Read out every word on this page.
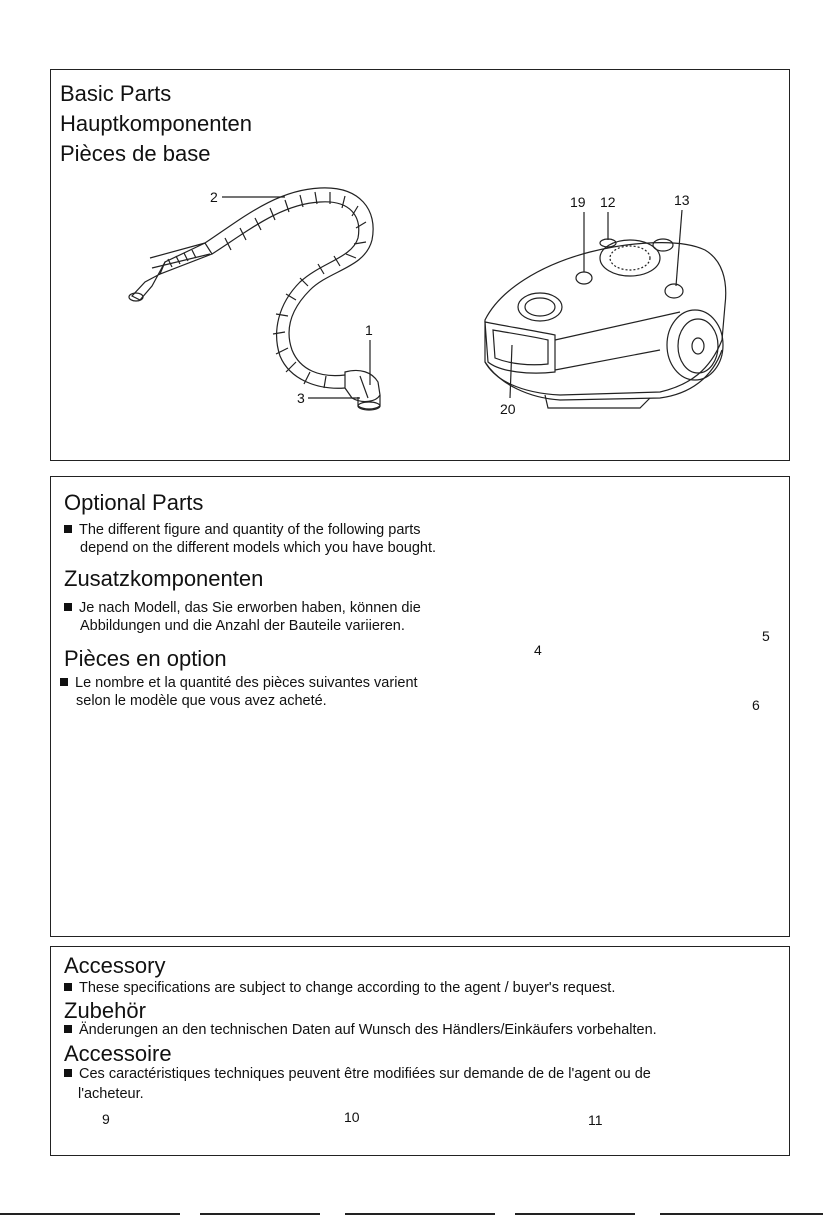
Basic Parts
Hauptkomponenten
Pièces de base
2
1
3
19 12	13
20
Optional Parts
The different figure and quantity of the following parts
depend on the different models which you have bought.
Zusatzkomponenten
Je nach Modell, das Sie erworben haben, können die
Abbildungen und die Anzahl der Bauteile variieren.
Pièces en option
Le nombre et la quantité des pièces suivantes varient
selon le modèle que vous avez acheté.
4
5
6
Accessory
These specifications are subject to change according to the agent / buyer's request.
Zubehör
Änderungen an den technischen Daten auf Wunsch des Händlers/Einkäufers vorbehalten.
Accessoire
Ces caractéristiques techniques peuvent être modifiées sur demande de de l'agent ou de
l'acheteur.
9	10	11
